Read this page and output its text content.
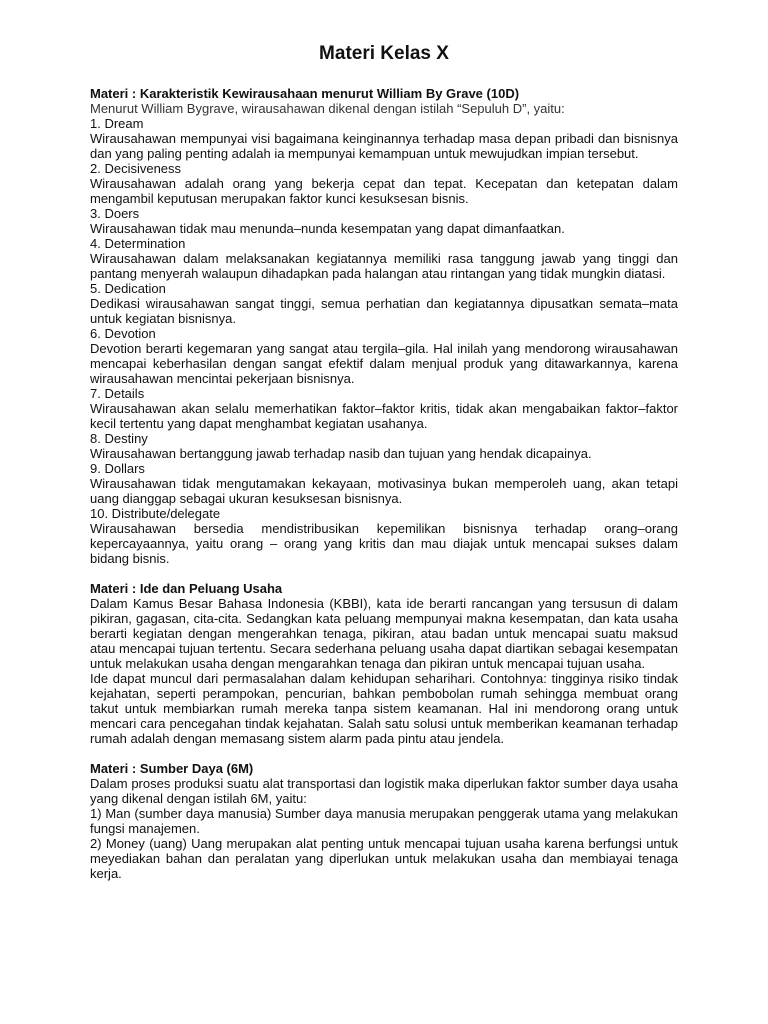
Materi Kelas X
Materi : Karakteristik Kewirausahaan menurut William By Grave (10D)
Menurut William Bygrave, wirausahawan dikenal dengan istilah “Sepuluh D”, yaitu:
1. Dream

Wirausahawan mempunyai visi bagaimana keinginannya terhadap masa depan pribadi dan bisnisnya dan yang paling penting adalah ia mempunyai kemampuan untuk mewujudkan impian tersebut.

2. Decisiveness

Wirausahawan adalah orang yang bekerja cepat dan tepat. Kecepatan dan ketepatan dalam mengambil keputusan merupakan faktor kunci kesuksesan bisnis.

3. Doers

Wirausahawan tidak mau menunda–nunda kesempatan yang dapat dimanfaatkan.

4. Determination

Wirausahawan dalam melaksanakan kegiatannya memiliki rasa tanggung jawab yang tinggi dan pantang menyerah walaupun dihadapkan pada halangan atau rintangan yang tidak mungkin diatasi.

5. Dedication

Dedikasi wirausahawan sangat tinggi, semua perhatian dan kegiatannya dipusatkan semata–mata untuk kegiatan bisnisnya.

6. Devotion

Devotion berarti kegemaran yang sangat atau tergila–gila. Hal inilah yang mendorong wirausahawan mencapai keberhasilan dengan sangat efektif dalam menjual produk yang ditawarkannya, karena wirausahawan mencintai pekerjaan bisnisnya.

7. Details

Wirausahawan akan selalu memerhatikan faktor–faktor kritis, tidak akan mengabaikan faktor–faktor kecil tertentu yang dapat menghambat kegiatan usahanya.

8. Destiny

Wirausahawan bertanggung jawab terhadap nasib dan tujuan yang hendak dicapainya.

9. Dollars

Wirausahawan tidak mengutamakan kekayaan, motivasinya bukan memperoleh uang, akan tetapi uang dianggap sebagai ukuran kesuksesan bisnisnya.

10. Distribute/delegate

Wirausahawan bersedia mendistribusikan kepemilikan bisnisnya terhadap orang–orang kepercayaannya, yaitu orang – orang yang kritis dan mau diajak untuk mencapai sukses dalam bidang bisnis.

Materi : Ide dan Peluang Usaha

Dalam Kamus Besar Bahasa Indonesia (KBBI), kata ide berarti rancangan yang tersusun di dalam pikiran, gagasan, cita-cita. Sedangkan kata peluang mempunyai makna kesempatan, dan kata usaha berarti kegiatan dengan mengerahkan tenaga, pikiran, atau badan untuk mencapai suatu maksud atau mencapai tujuan tertentu. Secara sederhana peluang usaha dapat diartikan sebagai kesempatan untuk melakukan usaha dengan mengarahkan tenaga dan pikiran untuk mencapai tujuan usaha.

Ide dapat muncul dari permasalahan dalam kehidupan seharihari. Contohnya: tingginya risiko tindak kejahatan, seperti perampokan, pencurian, bahkan pembobolan rumah sehingga membuat orang takut untuk membiarkan rumah mereka tanpa sistem keamanan. Hal ini mendorong orang untuk mencari cara pencegahan tindak kejahatan. Salah satu solusi untuk memberikan keamanan terhadap rumah adalah dengan memasang sistem alarm pada pintu atau jendela.

Materi : Sumber Daya (6M)

Dalam proses produksi suatu alat transportasi dan logistik maka diperlukan faktor sumber daya usaha yang dikenal dengan istilah 6M, yaitu:

1) Man (sumber daya manusia) Sumber daya manusia merupakan penggerak utama yang melakukan fungsi manajemen.

2) Money (uang) Uang merupakan alat penting untuk mencapai tujuan usaha karena berfungsi untuk meyediakan bahan dan peralatan yang diperlukan untuk melakukan usaha dan membiayai tenaga kerja.
